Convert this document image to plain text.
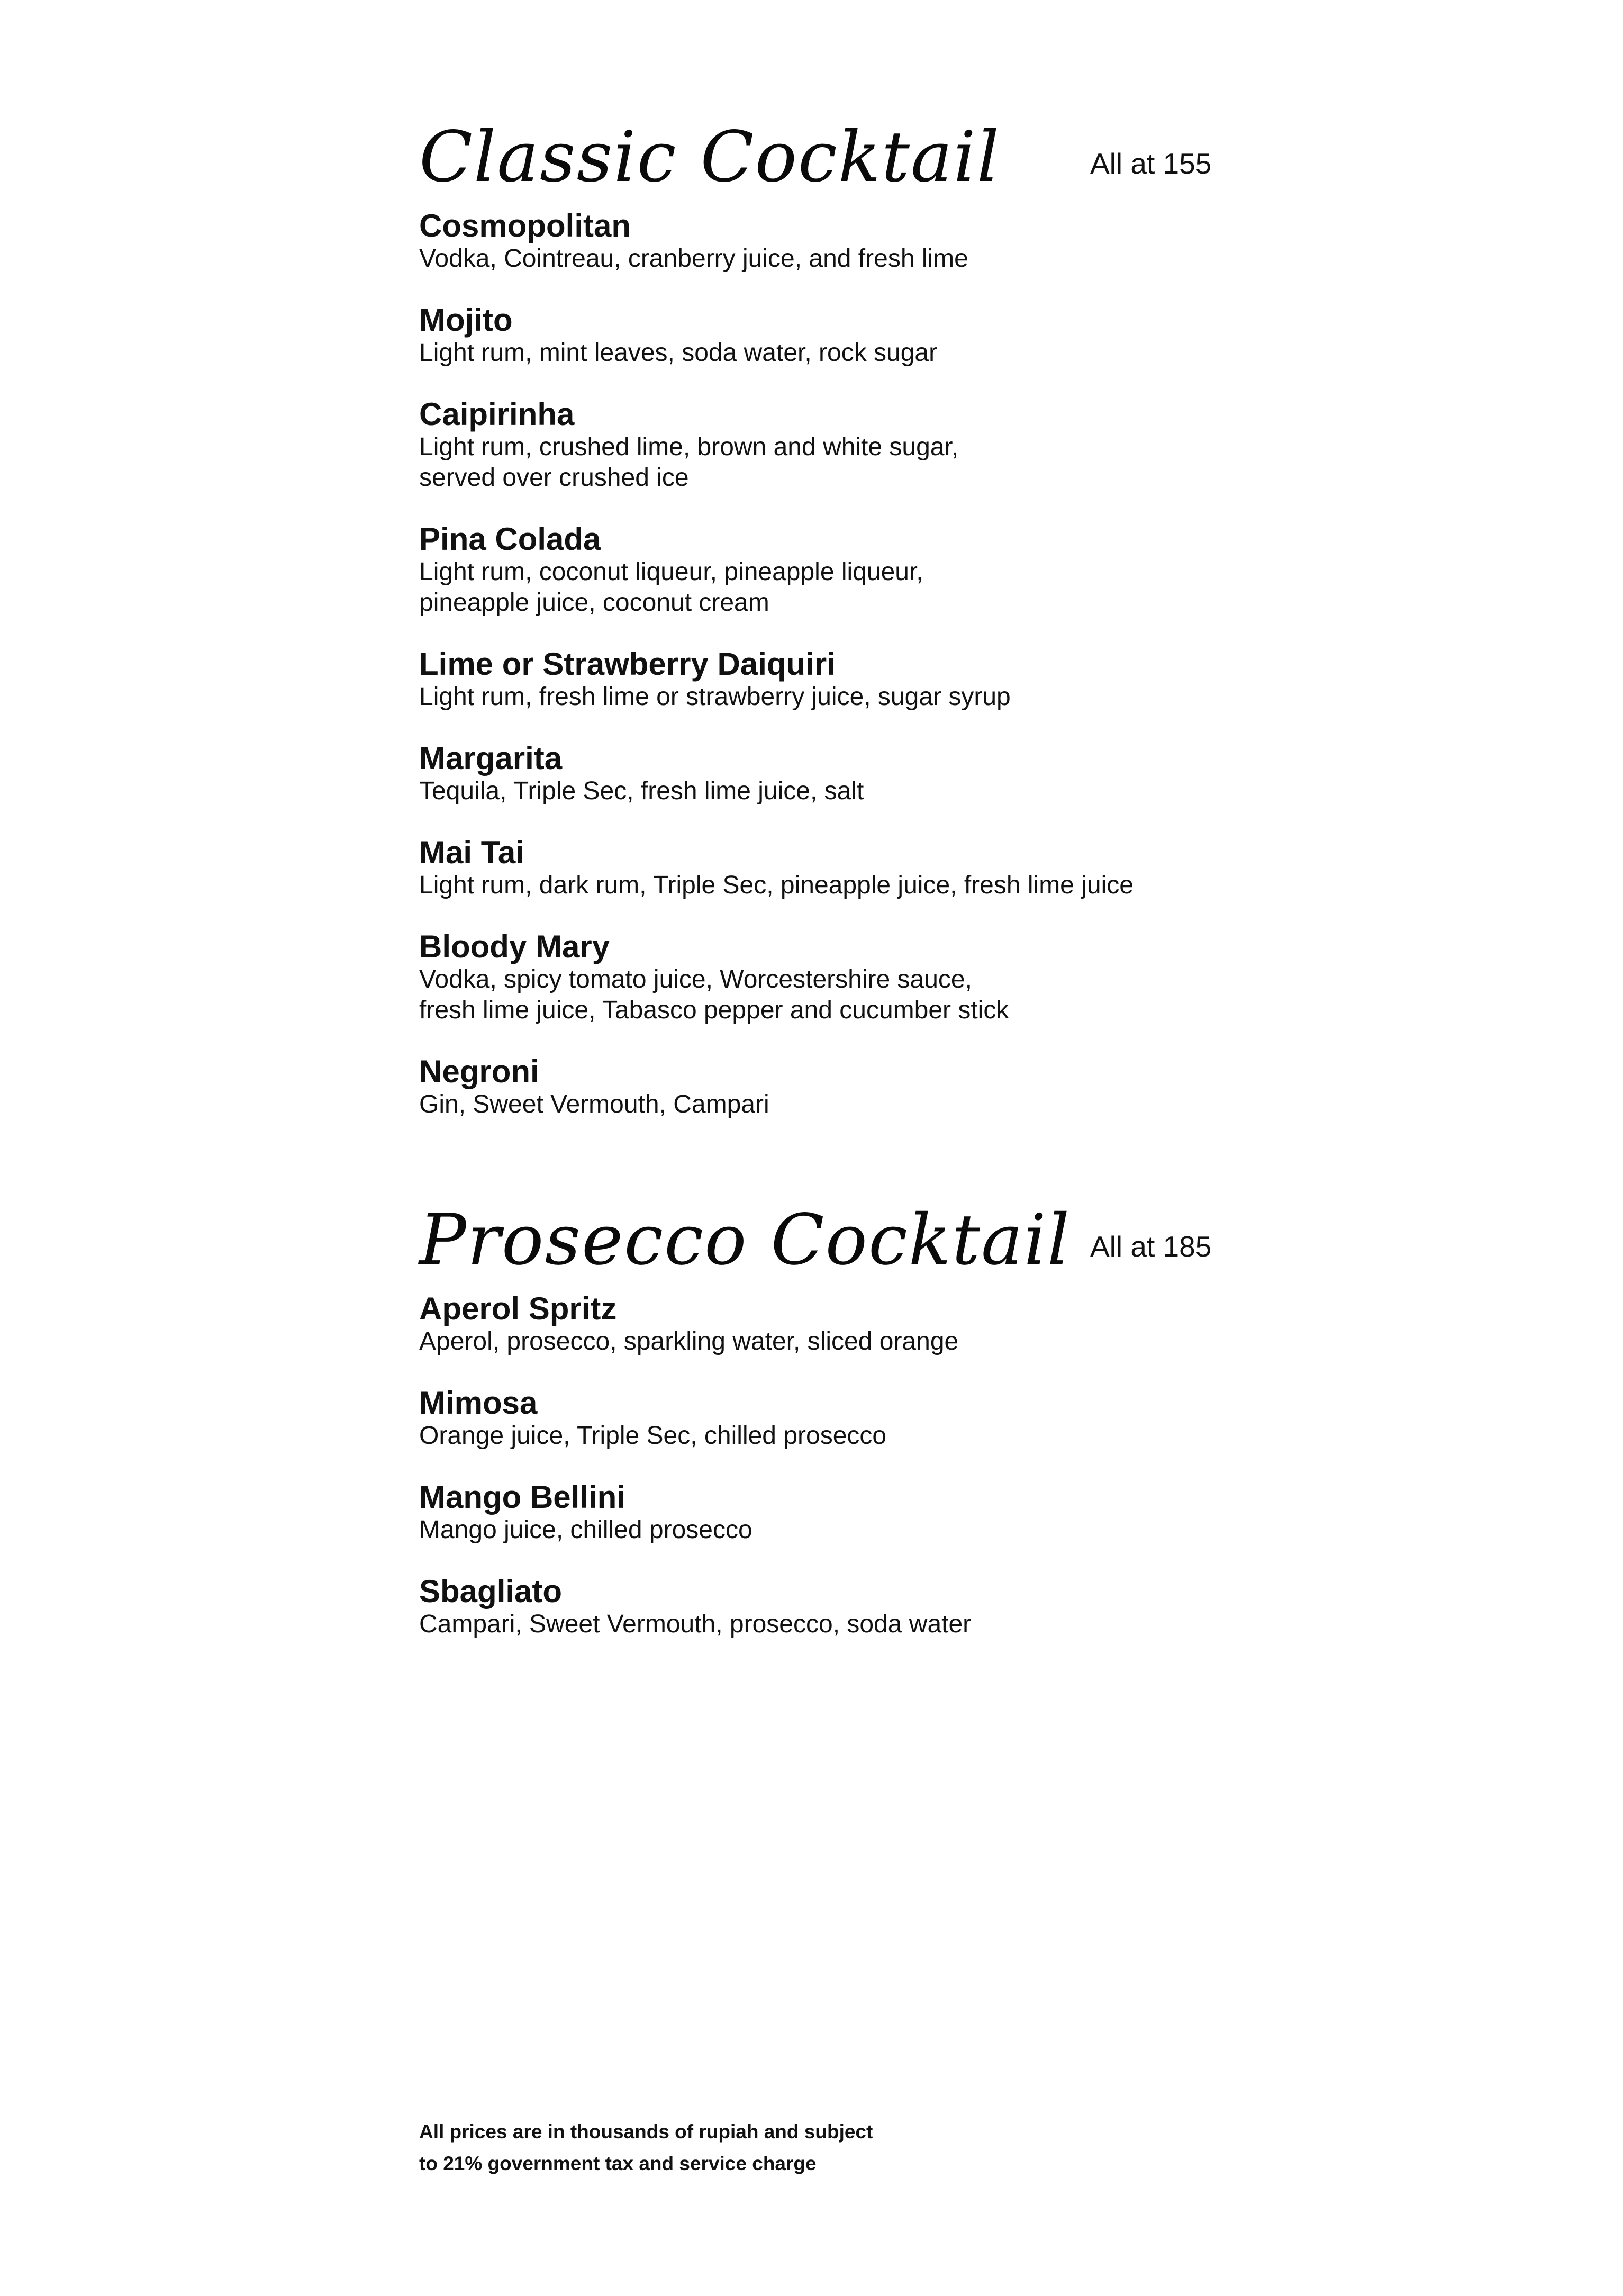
Classic Cocktail	All at 155
Cosmopolitan
Vodka, Cointreau, cranberry juice, and fresh lime
Mojito
Light rum, mint leaves, soda water, rock sugar
Caipirinha
Light rum, crushed lime, brown and white sugar,
served over crushed ice
Pina Colada
Light rum, coconut liqueur, pineapple liqueur,
pineapple juice, coconut cream
Lime or Strawberry Daiquiri
Light rum, fresh lime or strawberry juice, sugar syrup
Margarita
Tequila, Triple Sec, fresh lime juice, salt
Mai Tai
Light rum, dark rum, Triple Sec, pineapple juice, fresh lime juice
Bloody Mary
Vodka, spicy tomato juice, Worcestershire sauce,
fresh lime juice, Tabasco pepper and cucumber stick
Negroni
Gin, Sweet Vermouth, Campari
Prosecco Cocktail All at 185
Aperol Spritz
Aperol, prosecco, sparkling water, sliced orange
Mimosa
Orange juice, Triple Sec, chilled prosecco
Mango Bellini
Mango juice, chilled prosecco
Sbagliato
Campari, Sweet Vermouth, prosecco, soda water
All prices are in thousands of rupiah and subject
to 21% government tax and service charge
